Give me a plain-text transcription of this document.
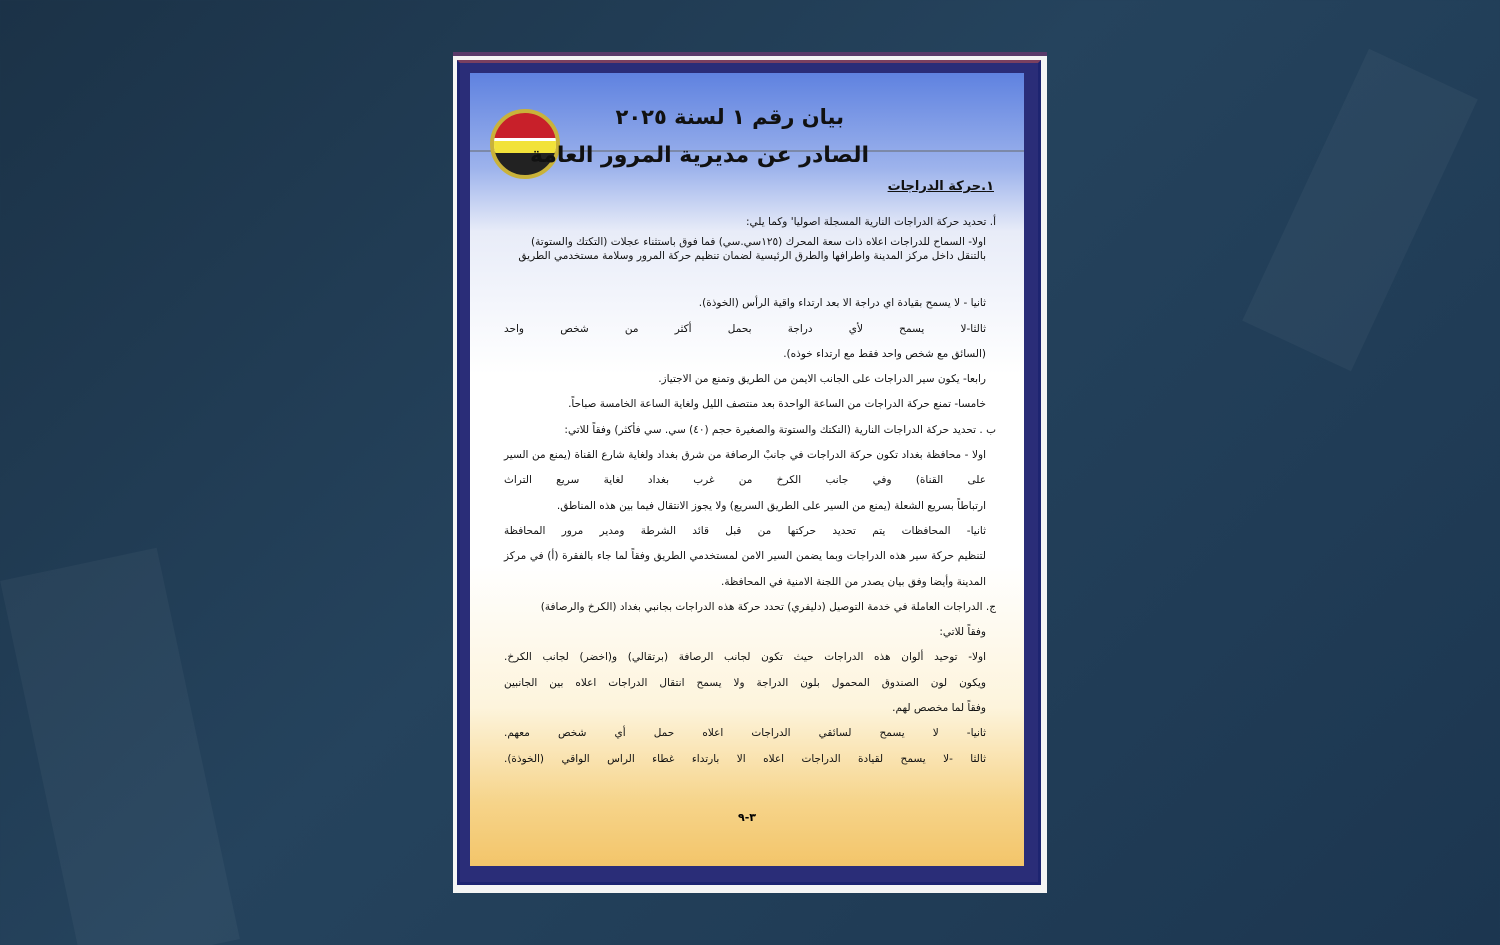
بيان رقم ١ لسنة ٢٠٢٥
الصادر عن مديرية المرور العامة
١.حركة الدراجات
أ. تحديد حركة الدراجات النارية المسجلة اصوليا' وكما يلي:
اولا- السماح للدراجات اعلاه ذات سعة المحرك (١٢٥سي.سي) فما فوق باستثناء عجلات (التكتك والستوتة)
بالتنقل داخل مركز المدينة واطرافها والطرق الرئيسية لضمان تنظيم حركة المرور وسلامة مستخدمي الطريق
ثانيا - لا يسمح بقيادة اي دراجة الا بعد ارتداء واقية الرأس (الخوذة).
ثالثا-لا يسمح لأي دراجة بحمل أكثر من شخص واحد
(السائق مع شخص واحد فقط مع ارتداء خوذه).
رابعا- يكون سير الدراجات على الجانب الايمن من الطريق وتمنع من الاجتياز.
خامسا- تمنع حركة الدراجات من الساعة الواحدة بعد منتصف الليل ولغاية الساعة الخامسة صباحاً.
ب . تحديد حركة الدراجات النارية (التكتك والستوتة والصغيرة حجم (٤٠) سي. سي فأكثر) وفقاً للاتي:
اولا - محافظة بغداد تكون حركة الدراجات في جانبْ الرصافة من شرق بغداد ولغاية شارع القناة (يمنع من السير
على القناة) وفي جانب الكرخ من غرب بغداد لغاية سريع التراث
ارتباطاً بسريع الشعلة (يمنع من السير على الطريق السريع) ولا يجوز الانتقال فيما بين هذه المناطق.
ثانيا- المحافظات يتم تحديد حركتها من قبل قائد الشرطة ومدير مرور المحافظة
لتنظيم حركة سير هذه الدراجات وبما يضمن السير الامن لمستخدمي الطريق وفقاً لما جاء بالفقرة (أ) في مركز
المدينة وأيضا وفق بيان يصدر من اللجنة الامنية في المحافظة.
ج. الدراجات العاملة في خدمة التوصيل (دليفري) تحدد حركة هذه الدراجات بجانبي بغداد (الكرخ والرصافة)
وفقاً للاتي:
اولا- توحيد ألوان هذه الدراجات حيث تكون لجانب الرصافة (برتقالي) و(اخضر) لجانب الكرخ.
ويكون لون الصندوق المحمول بلون الدراجة ولا يسمح انتقال الدراجات اعلاه بين الجانبين
وفقاً لما مخصص لهم.
ثانيا- لا يسمح لسائقي الدراجات اعلاه حمل أي شخص معهم.
ثالثا -لا يسمح لقيادة الدراجات اعلاه الا بارتداء غطاء الراس الواقي (الخوذة).
٣-٩
